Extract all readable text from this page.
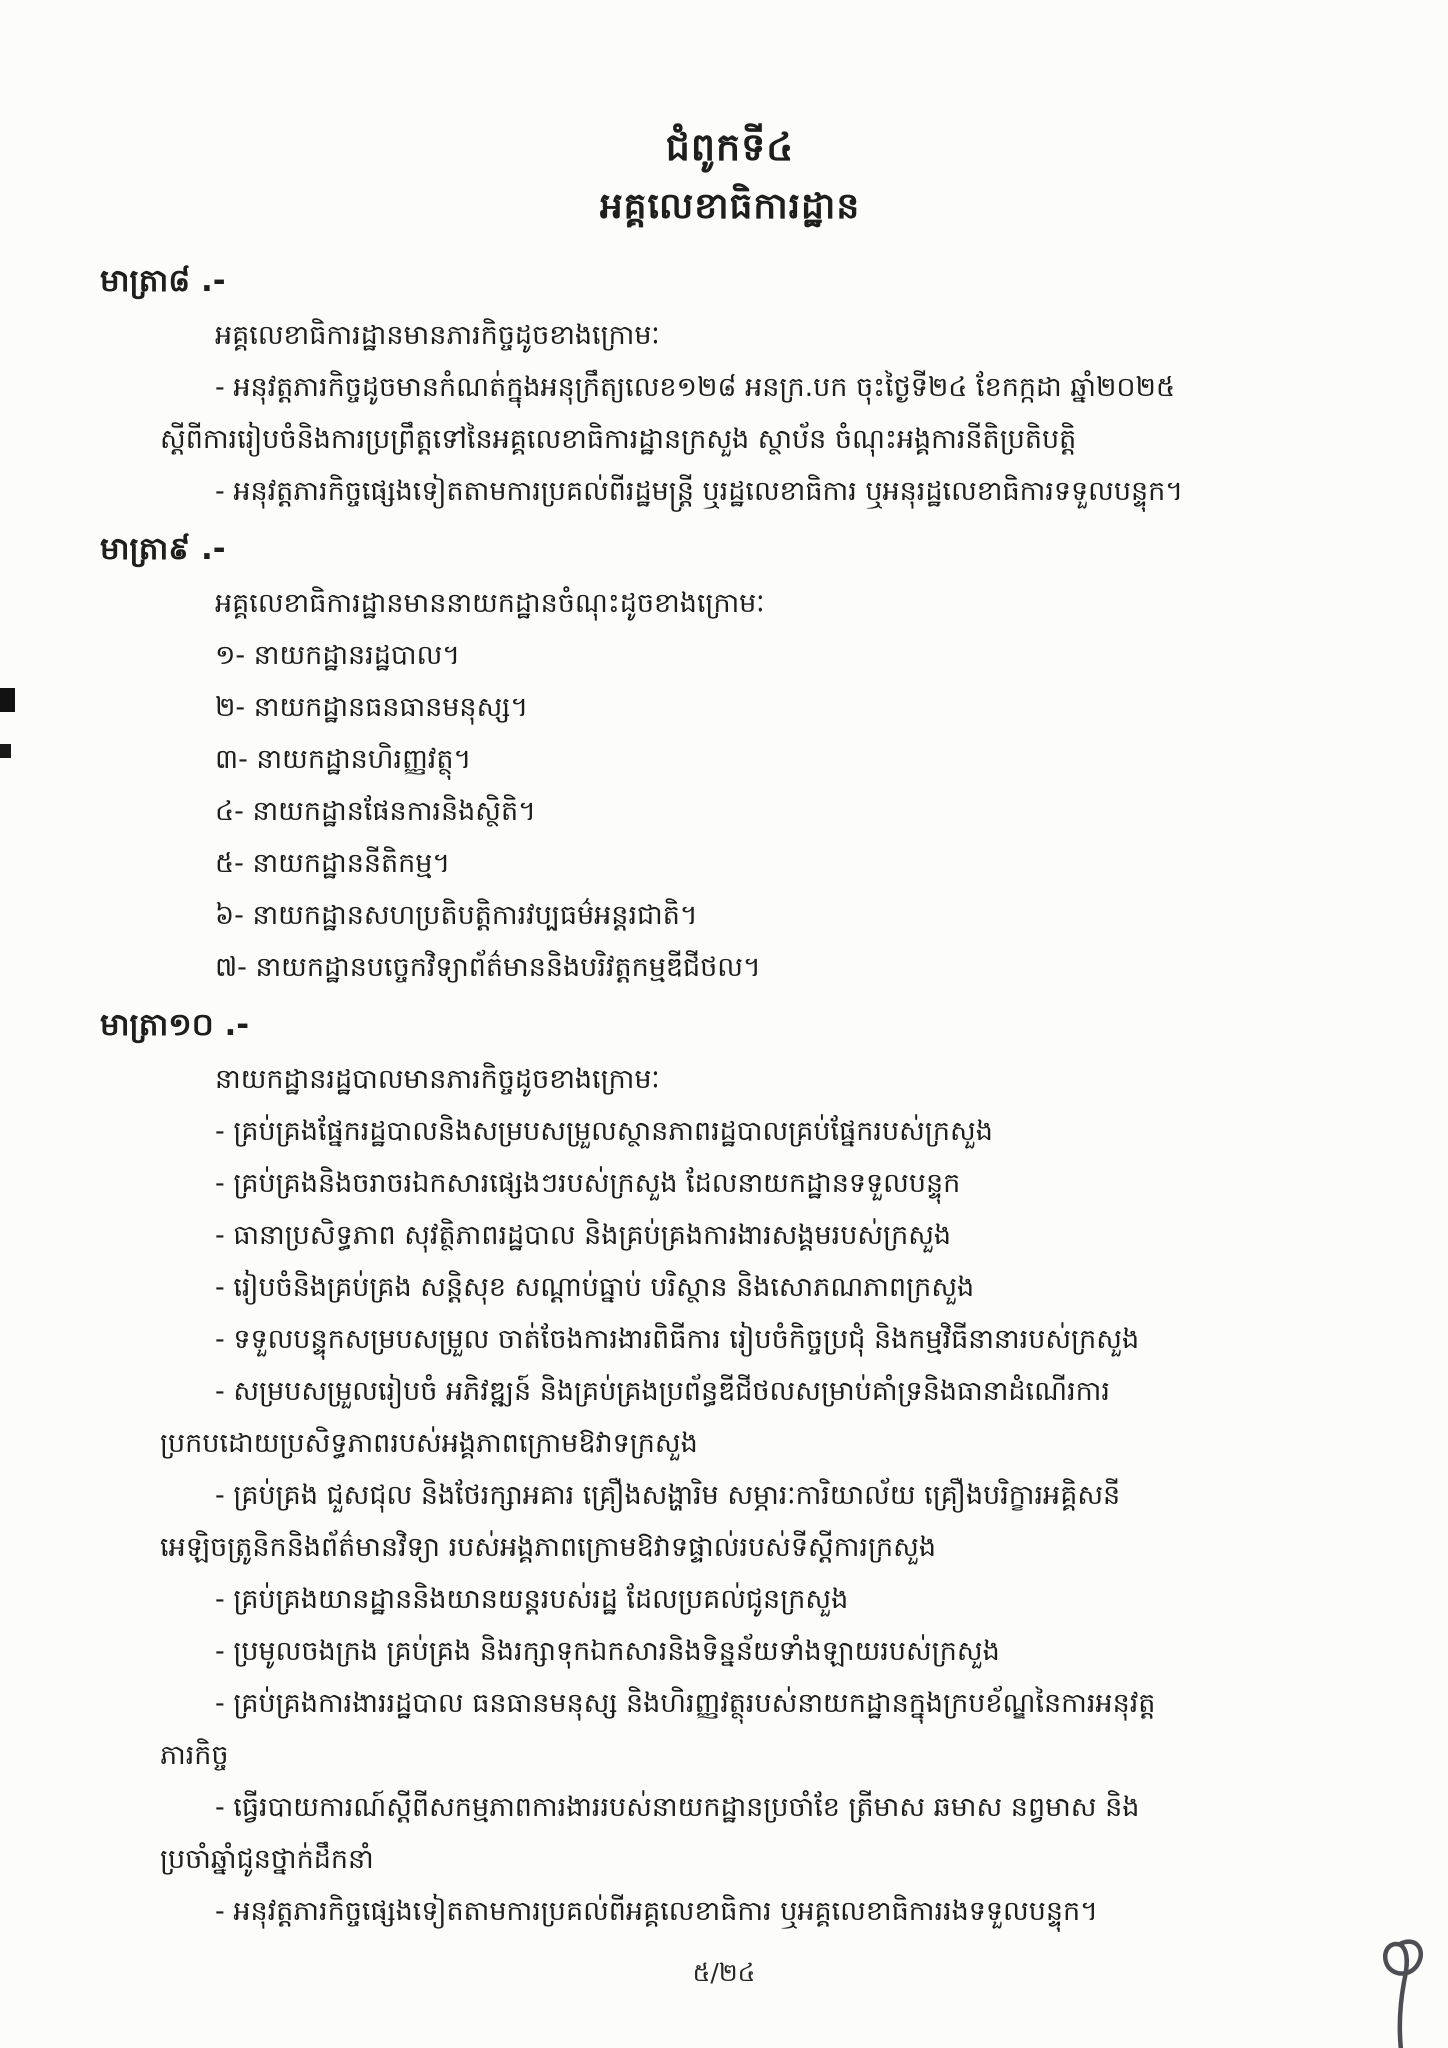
ជំពូកទី៤
អគ្គលេខាធិការដ្ឋាន
មាត្រា៨ .-
អគ្គលេខាធិការដ្ឋានមានភារកិច្ចដូចខាងក្រោមៈ
- អនុវត្តភារកិច្ចដូចមានកំណត់ក្នុងអនុក្រឹត្យលេខ១២៨ អនក្រ.បក ចុះថ្ងៃទី២៤ ខែកក្កដា ឆ្នាំ២០២៥
ស្តីពីការរៀបចំនិងការប្រព្រឹត្តទៅនៃអគ្គលេខាធិការដ្ឋានក្រសួង ស្ថាប័ន ចំណុះអង្គការនីតិប្រតិបត្តិ
- អនុវត្តភារកិច្ចផ្សេងទៀតតាមការប្រគល់ពីរដ្ឋមន្ត្រី ឬរដ្ឋលេខាធិការ ឬអនុរដ្ឋលេខាធិការទទួលបន្ទុក។
មាត្រា៩ .-
អគ្គលេខាធិការដ្ឋានមាននាយកដ្ឋានចំណុះដូចខាងក្រោមៈ
១- នាយកដ្ឋានរដ្ឋបាល។
២- នាយកដ្ឋានធនធានមនុស្ស។
៣- នាយកដ្ឋានហិរញ្ញវត្ថុ។
៤- នាយកដ្ឋានផែនការនិងស្ថិតិ។
៥- នាយកដ្ឋាននីតិកម្ម។
៦- នាយកដ្ឋានសហប្រតិបត្តិការវប្បធម៌អន្តរជាតិ។
៧- នាយកដ្ឋានបច្ចេកវិទ្យាព័ត៌មាននិងបរិវត្តកម្មឌីជីថល។
មាត្រា១០ .-
នាយកដ្ឋានរដ្ឋបាលមានភារកិច្ចដូចខាងក្រោមៈ
- គ្រប់គ្រងផ្នែករដ្ឋបាលនិងសម្របសម្រួលស្ថានភាពរដ្ឋបាលគ្រប់ផ្នែករបស់ក្រសួង
- គ្រប់គ្រងនិងចរាចរឯកសារផ្សេងៗរបស់ក្រសួង ដែលនាយកដ្ឋានទទួលបន្ទុក
- ធានាប្រសិទ្ធភាព សុវត្ថិភាពរដ្ឋបាល និងគ្រប់គ្រងការងារសង្គមរបស់ក្រសួង
- រៀបចំនិងគ្រប់គ្រង សន្តិសុខ សណ្តាប់ធ្នាប់ បរិស្ថាន និងសោភណភាពក្រសួង
- ទទួលបន្ទុកសម្របសម្រួល ចាត់ចែងការងារពិធីការ រៀបចំកិច្ចប្រជុំ និងកម្មវិធីនានារបស់ក្រសួង
- សម្របសម្រួលរៀបចំ អភិវឌ្ឍន៍ និងគ្រប់គ្រងប្រព័ន្ធឌីជីថលសម្រាប់គាំទ្រនិងធានាដំណើរការ
ប្រកបដោយប្រសិទ្ធភាពរបស់អង្គភាពក្រោមឱវាទក្រសួង
- គ្រប់គ្រង ជួសជុល និងថែរក្សាអគារ គ្រឿងសង្ហារិម សម្ភារៈការិយាល័យ គ្រឿងបរិក្ខារអគ្គិសនី
អេឡិចត្រូនិកនិងព័ត៌មានវិទ្យា របស់អង្គភាពក្រោមឱវាទផ្ទាល់របស់ទីស្តីការក្រសួង
- គ្រប់គ្រងយានដ្ឋាននិងយានយន្តរបស់រដ្ឋ ដែលប្រគល់ជូនក្រសួង
- ប្រមូលចងក្រង គ្រប់គ្រង និងរក្សាទុកឯកសារនិងទិន្នន័យទាំងឡាយរបស់ក្រសួង
- គ្រប់គ្រងការងាររដ្ឋបាល ធនធានមនុស្ស និងហិរញ្ញវត្ថុរបស់នាយកដ្ឋានក្នុងក្របខ័ណ្ឌនៃការអនុវត្ត
ភារកិច្ច
- ធ្វើរបាយការណ៍ស្តីពីសកម្មភាពការងាររបស់នាយកដ្ឋានប្រចាំខែ ត្រីមាស ឆមាស នព្វមាស និង
ប្រចាំឆ្នាំជូនថ្នាក់ដឹកនាំ
- អនុវត្តភារកិច្ចផ្សេងទៀតតាមការប្រគល់ពីអគ្គលេខាធិការ ឬអគ្គលេខាធិការរងទទួលបន្ទុក។
៥/២៤
